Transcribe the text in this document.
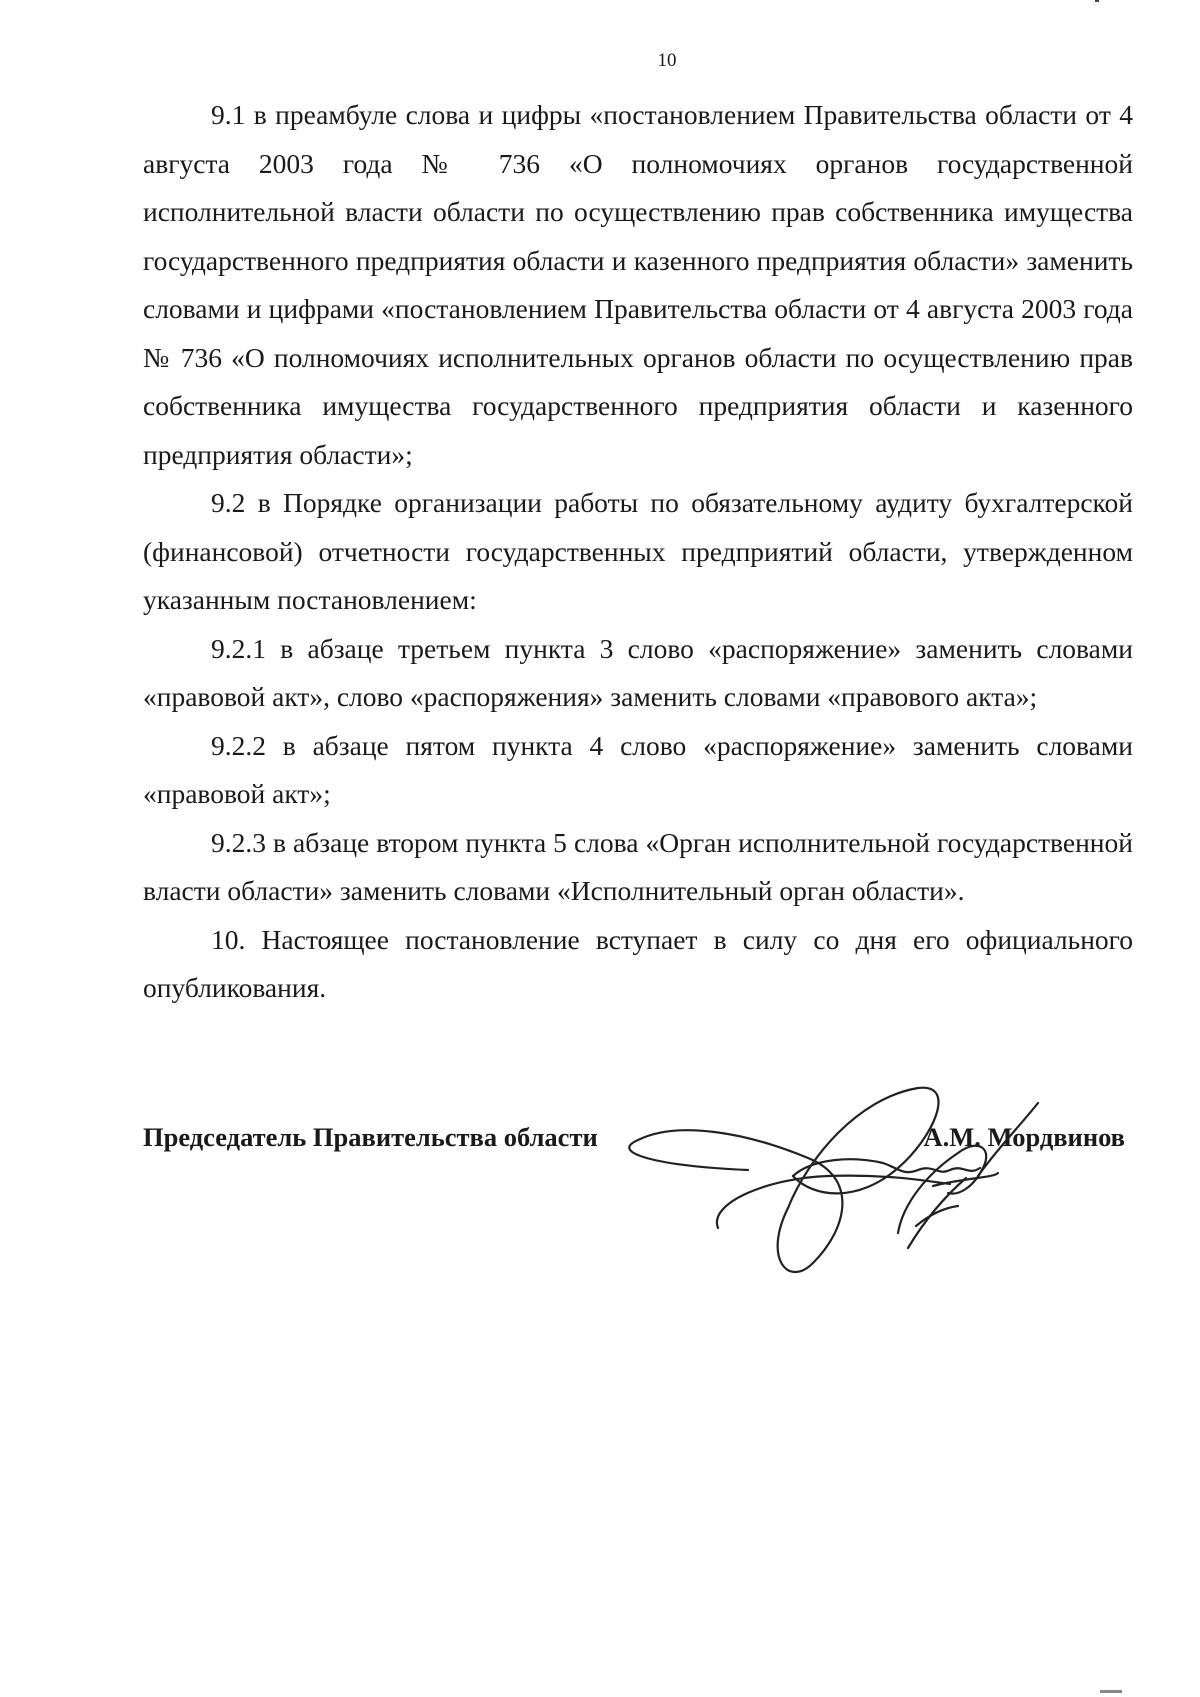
10

9.1 в преамбуле слова и цифры «постановлением Правительства области от 4 августа 2003 года № 736 «О полномочиях органов государственной исполнительной власти области по осуществлению прав собственника имущества государственного предприятия области и казенного предприятия области» заменить словами и цифрами «постановлением Правительства области от 4 августа 2003 года № 736 «О полномочиях исполнительных органов области по осуществлению прав собственника имущества государственного предприятия области и казенного предприятия области»;

9.2 в Порядке организации работы по обязательному аудиту бухгалтерской (финансовой) отчетности государственных предприятий области, утвержденном указанным постановлением:

9.2.1 в абзаце третьем пункта 3 слово «распоряжение» заменить словами «правовой акт», слово «распоряжения» заменить словами «правового акта»;

9.2.2 в абзаце пятом пункта 4 слово «распоряжение» заменить словами «правовой акт»;

9.2.3 в абзаце втором пункта 5 слова «Орган исполнительной государственной власти области» заменить словами «Исполнительный орган области».

10. Настоящее постановление вступает в силу со дня его официального опубликования.

Председатель Правительства области	А.М. Мордвинов
